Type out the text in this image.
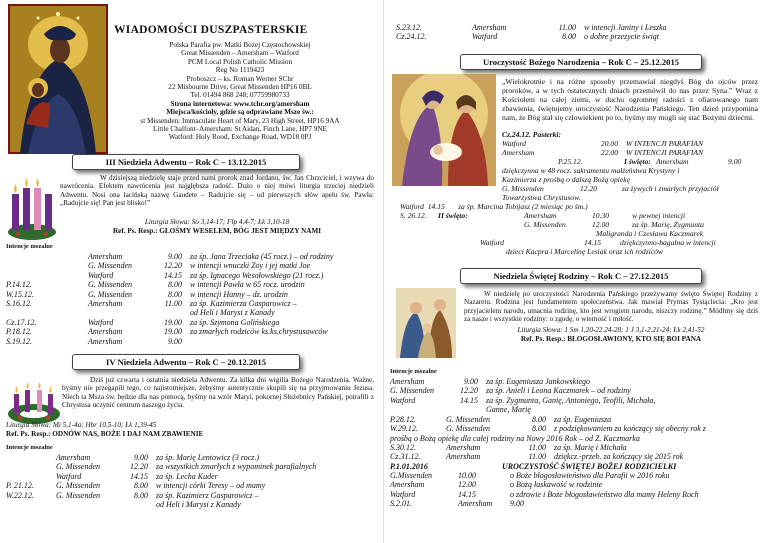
WIADOMOŚCI DUSZPASTERSKIE
Polska Parafia pw. Matki Bożej Częstochowskiej
Great Missenden – Amersham – Watford
PCM Local Polish Catholic Mission
Reg No 1119423
Proboszcz – ks. Roman Werner SChr
22 Misbourne Drive, Great Missenden HP16 0BL
Tel. 01494 868 248; 07759980733
Strona internetowa: www.tchr.org/amersham
Miejsca/kościoły, gdzie są odprawiane Msze św.:
st Missenden: Immaculate Heart of Mary, 23 High Street, HP16 9AA
Little Chalfont–Amersham: St Aidan, Finch Lane, HP7 9NE
Watford: Holy Rood, Exchange Road, WD18 0PJ
III Niedziela Adwentu – Rok C – 13.12.2015
W dzisiejszą niedzielę staje przed nami prorok znad Jordanu, św. Jan Chrzciciel, i wzywa do nawrócenia. Efektem nawrócenia jest najgłębsza radość. Dużo o niej mówi liturgia trzeciej niedzieli Adwentu. Nosi ona łacińską nazwę Gaudete – Radujcie się – od pierwszych słów apelu św. Pawła: „Radujcie się! Pan jest blisko!”
Liturgia Słowa: So 3,14-17; Flp 4,4-7; Łk 3,10-18
Ref. Ps. Resp.: GŁOŚMY WESELEM, BÓG JEST MIĘDZY NAMI
Intencje mszalne
	Amersham	9.00	za śp. Jana Trzeciaka (45 rocz.) – od rodziny
	G. Missenden	12.20	w intencji wnuczki Zoy i jej matki Joe
	Watford	14.15	za śp. Ignacego Wesołowskiego (21 rocz.)
P.14.12.	G. Missenden	8.00	w intencji Pawła w 65 rocz. urodzin
W.15.12.	G. Missenden	8.00	w intencji Hanny – dz. urodzin
S.16.12.	Amersham	11.00	za śp. Kazimierza Gasparowicz –
			od Heli i Marysi z Kanady
Cz.17.12.	Watford	19.00	za śp. Szymona Golińskiego
P.18.12.	Amersham	19.00	za zmarłych rodziców ks.ks.chrystusowców
S.19.12.	Amersham	9.00	
IV Niedziela Adwentu – Rok C – 20.12.2015
Dziś już czwarta i ostatnia niedziela Adwentu. Za kilka dni wigilia Bożego Narodzenia. Ważne, byśmy nie przegapili tego, co najistotniejsze, żebyśmy autentycznie skupili się na przyjmowaniu Jezusa. Niech ta Msza św. będzie dla nas pomocą, byśmy na wzór Maryi, pokornej Służebnicy Pańskiej, potrafili z Chrystusa uczynić centrum naszego życia.
Liturgia Słowa: Mi 5,1-4a; Hbr 10,5-10; Łk 1,39-45
Ref. Ps. Resp.: ODNÓW NAS, BOŻE I DAJ NAM ZBAWIENIE
Intencje mszalne
	Amersham	9.00	za śp. Marię Lentowicz (3 rocz.)
	G. Missenden	12.20	za wszystkich zmarłych z wypominek parafialnych
	Watford	14.15	za śp. Lecha Kuder
P. 21.12.	G. Missenden	8.00	w intencji córki Teresy – od mamy
W.22.12.	G. Missenden	8.00	za śp. Kazimierz Gasparowicz –
			od Heli i Marysi z Kanady
S.23.12.	Amersham	11.00	w intencji Janiny i Leszka
Cz.24.12.	Watford	8.00	o dobre przeżycie świąt
Uroczystość Bożego Narodzenia – Rok C – 25.12.2015
„Wielokrotnie i na różne sposoby przemawiał niegdyś Bóg do ojców przez proroków, a w tych ostatecznych dniach przemówił do nas przez Syna.” Wraz z Kościołem na całej ziemi, w duchu ogromnej radości z ofiarowanego nam zbawienia, świętujemy uroczystość Narodzenia Pańskiego. Ten dzień przypomina nam, że Bóg stał się człowiekiem po to, byśmy my mogli się stać Bożymi dziećmi.
Cz.24.12. Pasterki:
Watford	20.00	W INTENCJI PARAFIAN
Amersham	22.00	W INTENCJI PARAFIAN
P.25.12.	I święto: Amersham	9.00
dziękczynna w 48 rocz. sakramentu małżeństwa Krystyny i
Kazimierza z prośbą o dalszą Bożą opiekę
G. Missenden	12.20	za żywych i zmarłych przyjaciół
Towarzystwa Chrystusow.
Watford  14.15       za śp. Marcina Tobijasz (2 miesiąc po śm.)
S. 26.12. II święto:	Amersham	10.30	w pewnej intencji
G. Missenden	12.00	za śp. Marię, Zygmunta
Maligranda i Czesława Kaczmarek
Watford	14.15 dziękczynno-bagalna w intencji
dzieci Kacpra i Marcelinę Lesiak oraz ich rodziców
Niedziela Świętej Rodziny – Rok C – 27.12.2015
W niedzielę po uroczystości Narodzenia Pańskiego przeżywamy święto Świętej Rodziny z Nazaretu. Rodzina jest fundamentem społeczeństwa. Jak mawiał Prymas Tysiąclecia: „Kto jest przyjacielem narodu, umacnia rodzinę, kto jest wrogiem narodu, niszczy rodzinę.” Módlmy się dziś za nasze i wszystkie rodziny: o zgodę, o wierność i miłość.
Liturgia Słowa: 1 Sm 1,20-22.24-28; 1 J 3,1-2.21-24; Łk 2,41-52
Ref. Ps. Resp.: BŁOGOSŁAWIONY, KTO SIĘ BOI PANA
Intencje mszalne
Amersham	9.00	za śp. Eugeniusza Jankowskiego
G. Missenden	12.20	za śp. Anieli i Leona Kaczmarek – od rodziny
Watford	14.15	za śp. Zygmunta, Ganię, Antoniego, Teofili, Michała,
		Ganne, Marię
P.28.12.	G. Missenden	8.00	za śp. Eugeniusza
W.29.12.	G. Missenden	8.00	z podziękowaniem za kończący się obecny rok z
prośbą o Bożą opiekę dla całej rodziny na Nowy 2016 Rok – od Z. Kaczmarka
S.30.12.	Amersham	11.00	za śp. Marię i Michała
Cz.31.12.	Amersham	11.00	dziękcz.-przeb. za kończący się 2015 rok
P.1.01.2016	UROCZYSTOŚĆ ŚWIĘTEJ BOŻEJ RODZICIELKI
G.Missenden	10.00	o Boże błogosławieństwo dla Parafii w 2016 roku
Amersham	12.00	o Bożą łaskawość w rodzinie
Watford	14.15	o zdrowie i Boże błogosławieństwo dla mamy Heleny Roch
S.2.01.	Amersham	9.00
